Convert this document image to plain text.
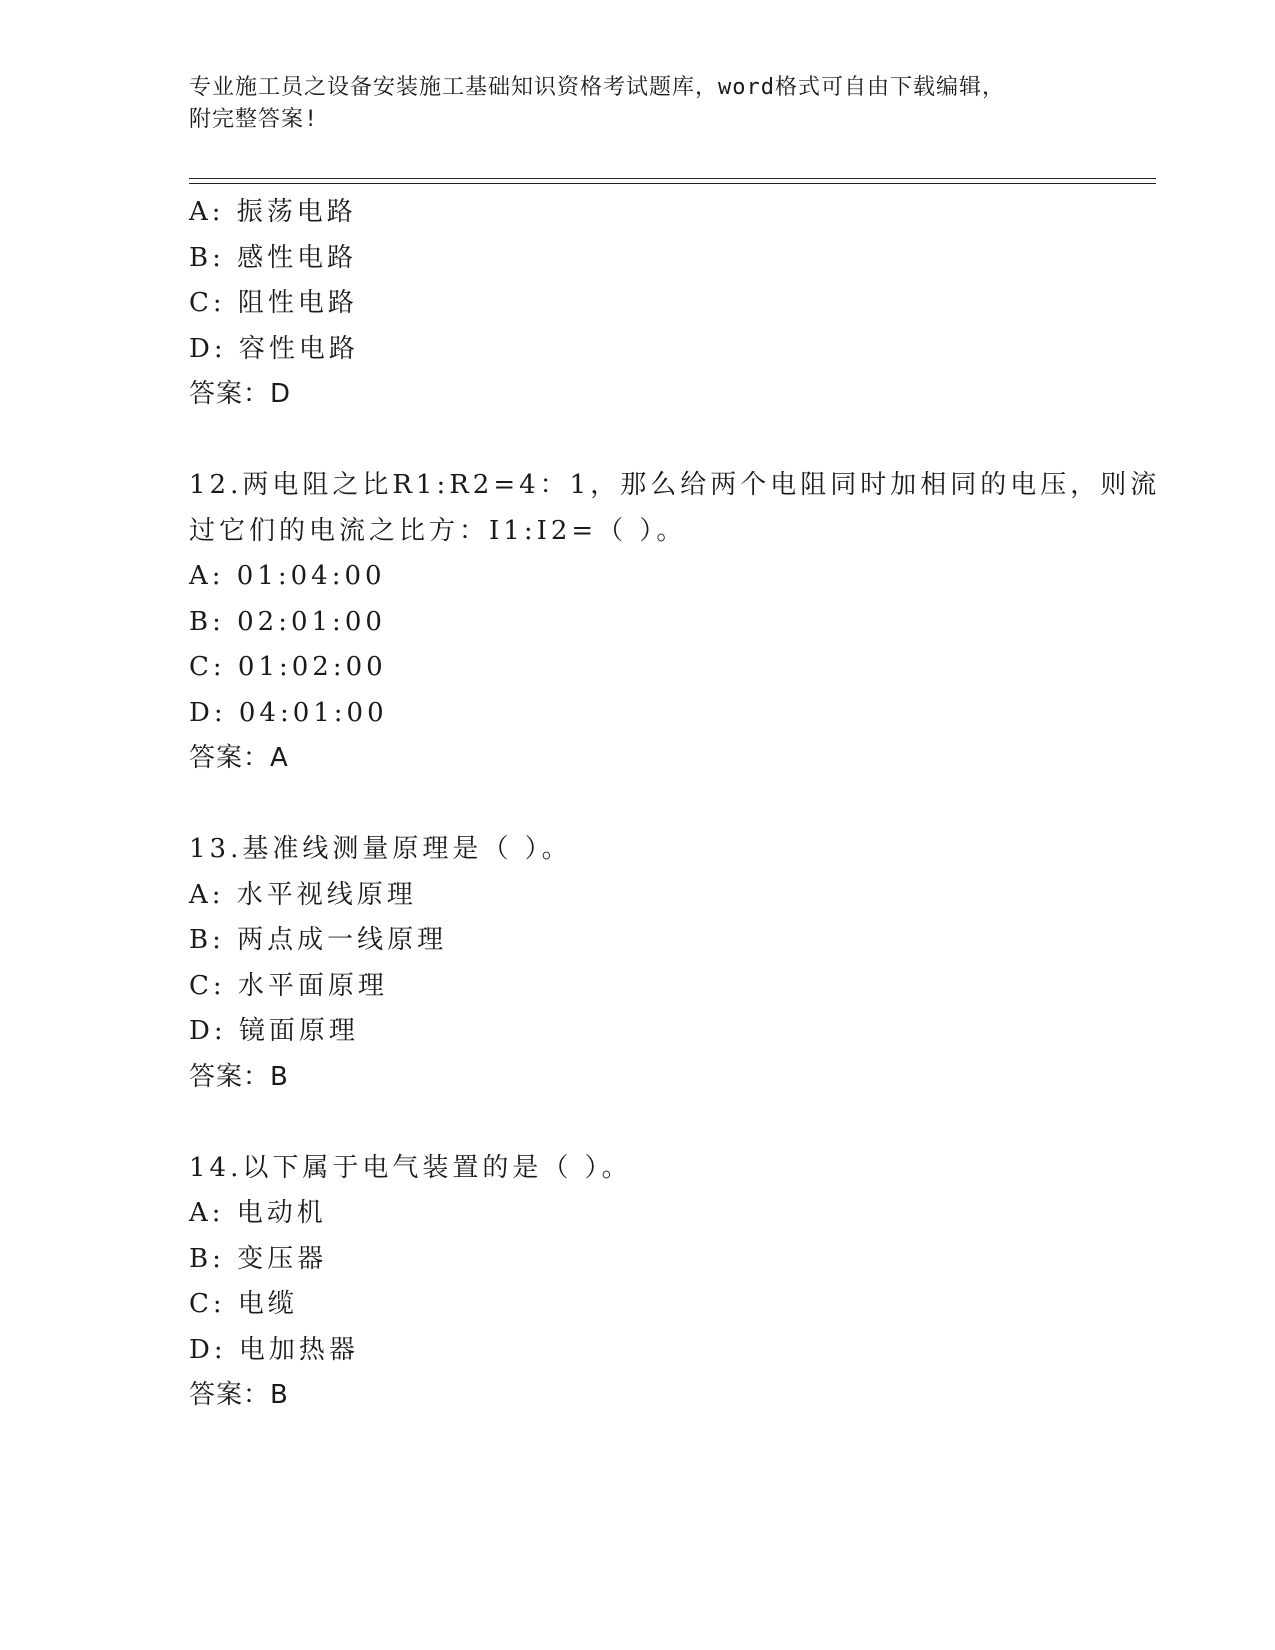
专业施工员之设备安装施工基础知识资格考试题库，word格式可自由下载编辑，
附完整答案!
A: 振荡电路
B: 感性电路
C: 阻性电路
D: 容性电路
答案：D
12.两电阻之比R1:R2=4：1，那么给两个电阻同时加相同的电压，则流
过它们的电流之比方：I1:I2=（ ）。
A: 01:04:00
B: 02:01:00
C: 01:02:00
D: 04:01:00
答案：A
13.基准线测量原理是（ ）。
A: 水平视线原理
B: 两点成一线原理
C: 水平面原理
D: 镜面原理
答案：B
14.以下属于电气装置的是（ ）。
A: 电动机
B: 变压器
C: 电缆
D: 电加热器
答案：B
